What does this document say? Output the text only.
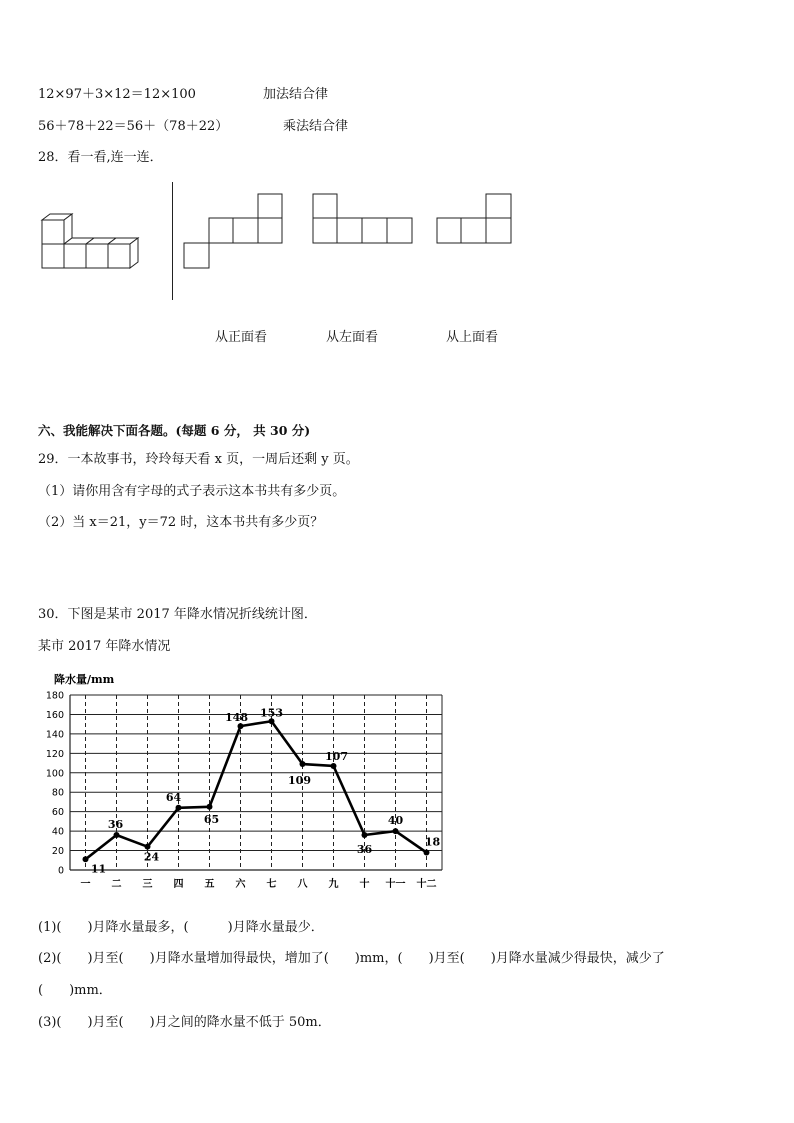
12×97＋3×12＝12×100	加法结合律
56＋78＋22＝56＋（78＋22）	乘法结合律
28．看一看,连一连．
从正面看	从左面看	从上面看
六、我能解决下面各题。(每题 6 分， 共 30 分)
29．一本故事书，玲玲每天看 x 页，一周后还剩 y 页。
（1）请你用含有字母的式子表示这本书共有多少页。
（2）当 x＝21，y＝72 时，这本书共有多少页？
30．下图是某市 2017 年降水情况折线统计图．
某市 2017 年降水情况
降水量/mm
0
20
40
60
80
100
120
140
160
180
一 二 三 四 五 六 七 八 九 十 十一 十二
11
36
24
64
65
148 153
109
107
36
40
18
(1)(　　)月降水量最多，(　　　)月降水量最少．
(2)(　　)月至(　　)月降水量增加得最快，增加了(　　)mm，(　　)月至(　　)月降水量减少得最快，减少了
(　　)mm．
(3)(　　)月至(　　)月之间的降水量不低于 50m．
